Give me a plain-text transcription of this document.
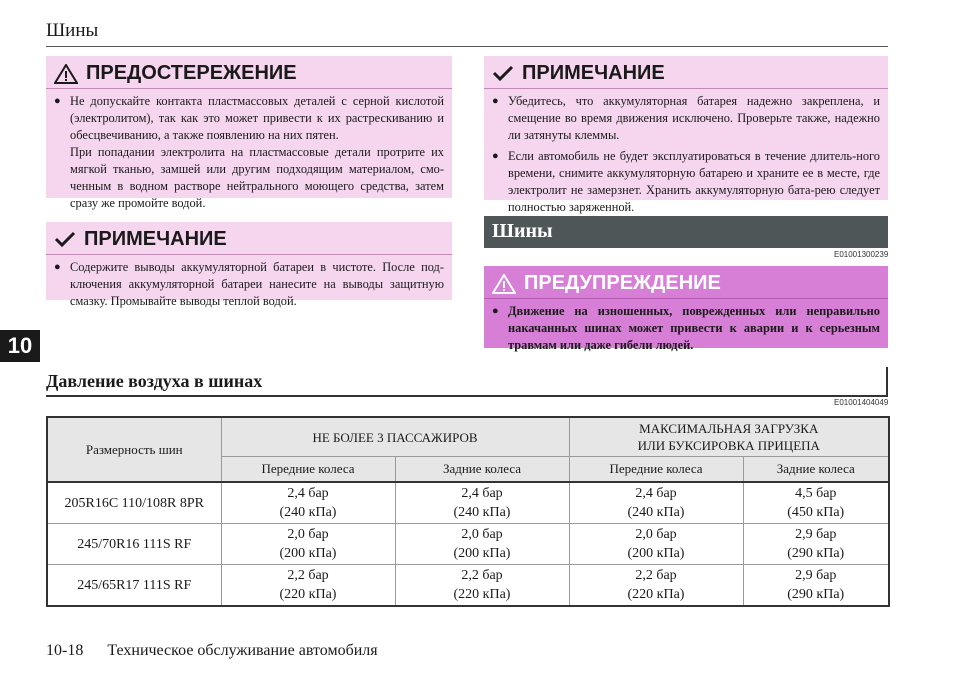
Шины
10
ПРЕДОСТЕРЕЖЕНИЕ
● Не допускайте контакта пластмассовых деталей с серной кислотой (электролитом), так как это может привести к их растрескиванию и обесцвечиванию, а также появлению на них пятен.

При попадании электролита на пластмассовые детали протрите их мягкой тканью, замшей или другим подходящим материалом, смо-ченным в водном растворе нейтрального моющего средства, затем сразу же промойте водой.

ПРИМЕЧАНИЕ
● Содержите выводы аккумуляторной батареи в чистоте. После под-ключения аккумуляторной батареи нанесите на выводы защитную смазку. Промывайте выводы теплой водой.

ПРИМЕЧАНИЕ
● Убедитесь, что аккумуляторная батарея надежно закреплена, и смещение во время движения исключено. Проверьте также, надежно ли затянуты клеммы.

● Если автомобиль не будет эксплуатироваться в течение длитель-ного времени, снимите аккумуляторную батарею и храните ее в месте, где электролит не замерзнет. Хранить аккумуляторную бата-рею следует полностью заряженной.

Шины
E01001300239
ПРЕДУПРЕЖДЕНИЕ
● Движение на изношенных, поврежденных или неправильно накачанных шинах может привести к аварии и к серьезным травмам или даже гибели людей.

Давление воздуха в шинах
E01001404049
Размерность шин	НЕ БОЛЕЕ 3 ПАССАЖИРОВ		МАКСИМАЛЬНАЯ ЗАГРУЗКА
ИЛИ БУКСИРОВКА ПРИЦЕПА	
	Передние колеса	Задние колеса	Передние колеса	Задние колеса
205R16C 110/108R 8PR	2,4 бар
(240 кПа)	2,4 бар
(240 кПа)	2,4 бар
(240 кПа)	4,5 бар
(450 кПа)
245/70R16 111S RF	2,0 бар
(200 кПа)	2,0 бар
(200 кПа)	2,0 бар
(200 кПа)	2,9 бар
(290 кПа)
245/65R17 111S RF	2,2 бар
(220 кПа)	2,2 бар
(220 кПа)	2,2 бар
(220 кПа)	2,9 бар
(290 кПа)
10-18 Техническое обслуживание автомобиля
